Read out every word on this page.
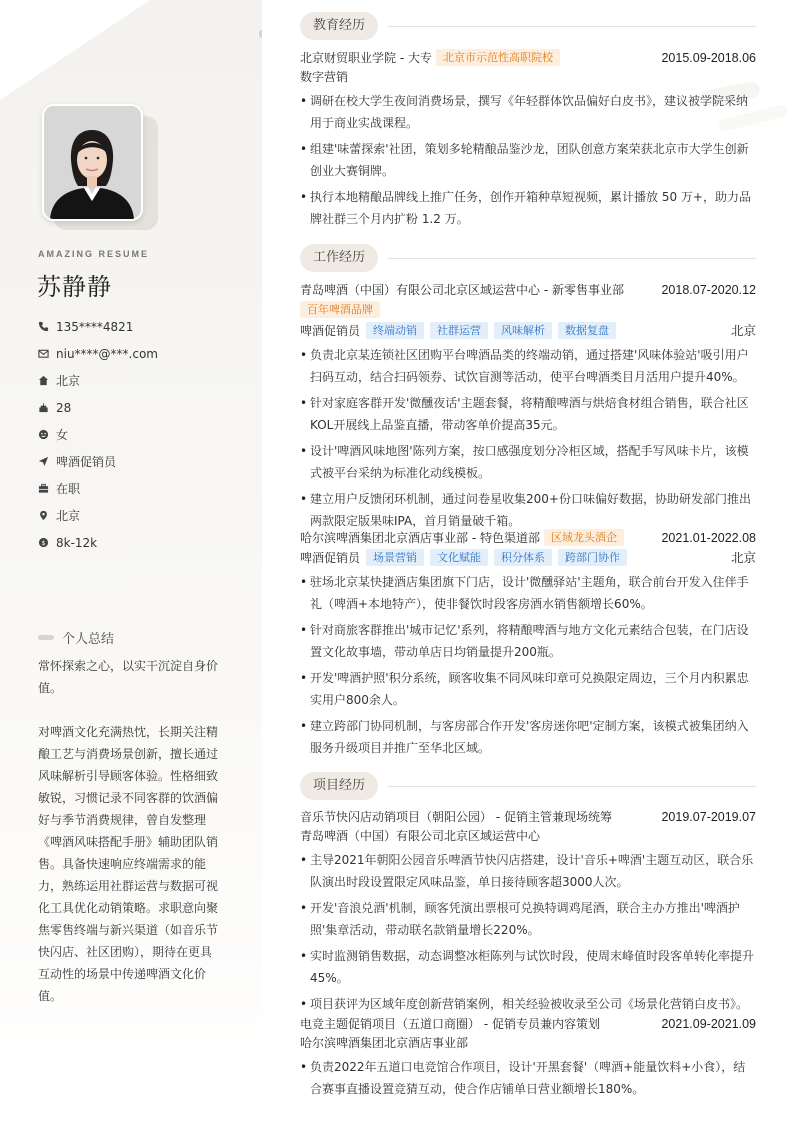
AMAZING RESUME
苏静静
135****4821
niu****@***.com
北京
28
女
啤酒促销员
在职
北京
$ 8k-12k
个人总结

常怀探索之心，以实干沉淀自身价值。

对啤酒文化充满热忱，长期关注精酿工艺与消费场景创新，擅长通过风味解析引导顾客体验。性格细致敏锐，习惯记录不同客群的饮酒偏好与季节消费规律，曾自发整理《啤酒风味搭配手册》辅助团队销售。具备快速响应终端需求的能力，熟练运用社群运营与数据可视化工具优化动销策略。求职意向聚焦零售终端与新兴渠道（如音乐节快闪店、社区团购），期待在更具互动性的场景中传递啤酒文化价值。

教育经历
北京财贸职业学院 - 大专	北京市示范性高职院校	2015.09-2018.06
数字营销
• 调研在校大学生夜间消费场景，撰写《年轻群体饮品偏好白皮书》，建议被学院采纳用于商业实战课程。
• 组建'味蕾探索'社团，策划多轮精酿品鉴沙龙，团队创意方案荣获北京市大学生创新创业大赛铜牌。
• 执行本地精酿品牌线上推广任务，创作开箱种草短视频，累计播放 50 万+，助力品牌社群三个月内扩粉 1.2 万。
工作经历
青岛啤酒（中国）有限公司北京区域运营中心 - 新零售事业部	2018.07-2020.12
百年啤酒品牌
啤酒促销员	终端动销	社群运营	风味解析	数据复盘	北京
• 负责北京某连锁社区团购平台啤酒品类的终端动销，通过搭建'风味体验站'吸引用户扫码互动，结合扫码领券、试饮盲测等活动，使平台啤酒类目月活用户提升40%。
• 针对家庭客群开发'微醺夜话'主题套餐，将精酿啤酒与烘焙食材组合销售，联合社区KOL开展线上品鉴直播，带动客单价提高35元。
• 设计'啤酒风味地图'陈列方案，按口感强度划分冷柜区域，搭配手写风味卡片，该模式被平台采纳为标准化动线模板。
• 建立用户反馈闭环机制，通过问卷星收集200+份口味偏好数据，协助研发部门推出两款限定版果味IPA，首月销量破千箱。
哈尔滨啤酒集团北京酒店事业部 - 特色渠道部	区域龙头酒企	2021.01-2022.08
啤酒促销员	场景营销	文化赋能	积分体系	跨部门协作	北京
• 驻场北京某快捷酒店集团旗下门店，设计'微醺驿站'主题角，联合前台开发入住伴手礼（啤酒+本地特产），使非餐饮时段客房酒水销售额增长60%。
• 针对商旅客群推出'城市记忆'系列，将精酿啤酒与地方文化元素结合包装，在门店设置文化故事墙，带动单店日均销量提升200瓶。
• 开发'啤酒护照'积分系统，顾客收集不同风味印章可兑换限定周边，三个月内积累忠实用户800余人。
• 建立跨部门协同机制，与客房部合作开发'客房迷你吧'定制方案，该模式被集团纳入服务升级项目并推广至华北区域。
项目经历
音乐节快闪店动销项目（朝阳公园） - 促销主管兼现场统筹	2019.07-2019.07
青岛啤酒（中国）有限公司北京区域运营中心
• 主导2021年朝阳公园音乐啤酒节快闪店搭建，设计'音乐+啤酒'主题互动区，联合乐队演出时段设置限定风味品鉴，单日接待顾客超3000人次。
• 开发'音浪兑酒'机制，顾客凭演出票根可兑换特调鸡尾酒，联合主办方推出'啤酒护照'集章活动，带动联名款销量增长220%。
• 实时监测销售数据，动态调整冰柜陈列与试饮时段，使周末峰值时段客单转化率提升45%。
• 项目获评为区域年度创新营销案例，相关经验被收录至公司《场景化营销白皮书》。
电竞主题促销项目（五道口商圈） - 促销专员兼内容策划	2021.09-2021.09
哈尔滨啤酒集团北京酒店事业部
• 负责2022年五道口电竞馆合作项目，设计'开黑套餐'（啤酒+能量饮料+小食），结合赛事直播设置竞猜互动，使合作店铺单日营业额增长180%。
